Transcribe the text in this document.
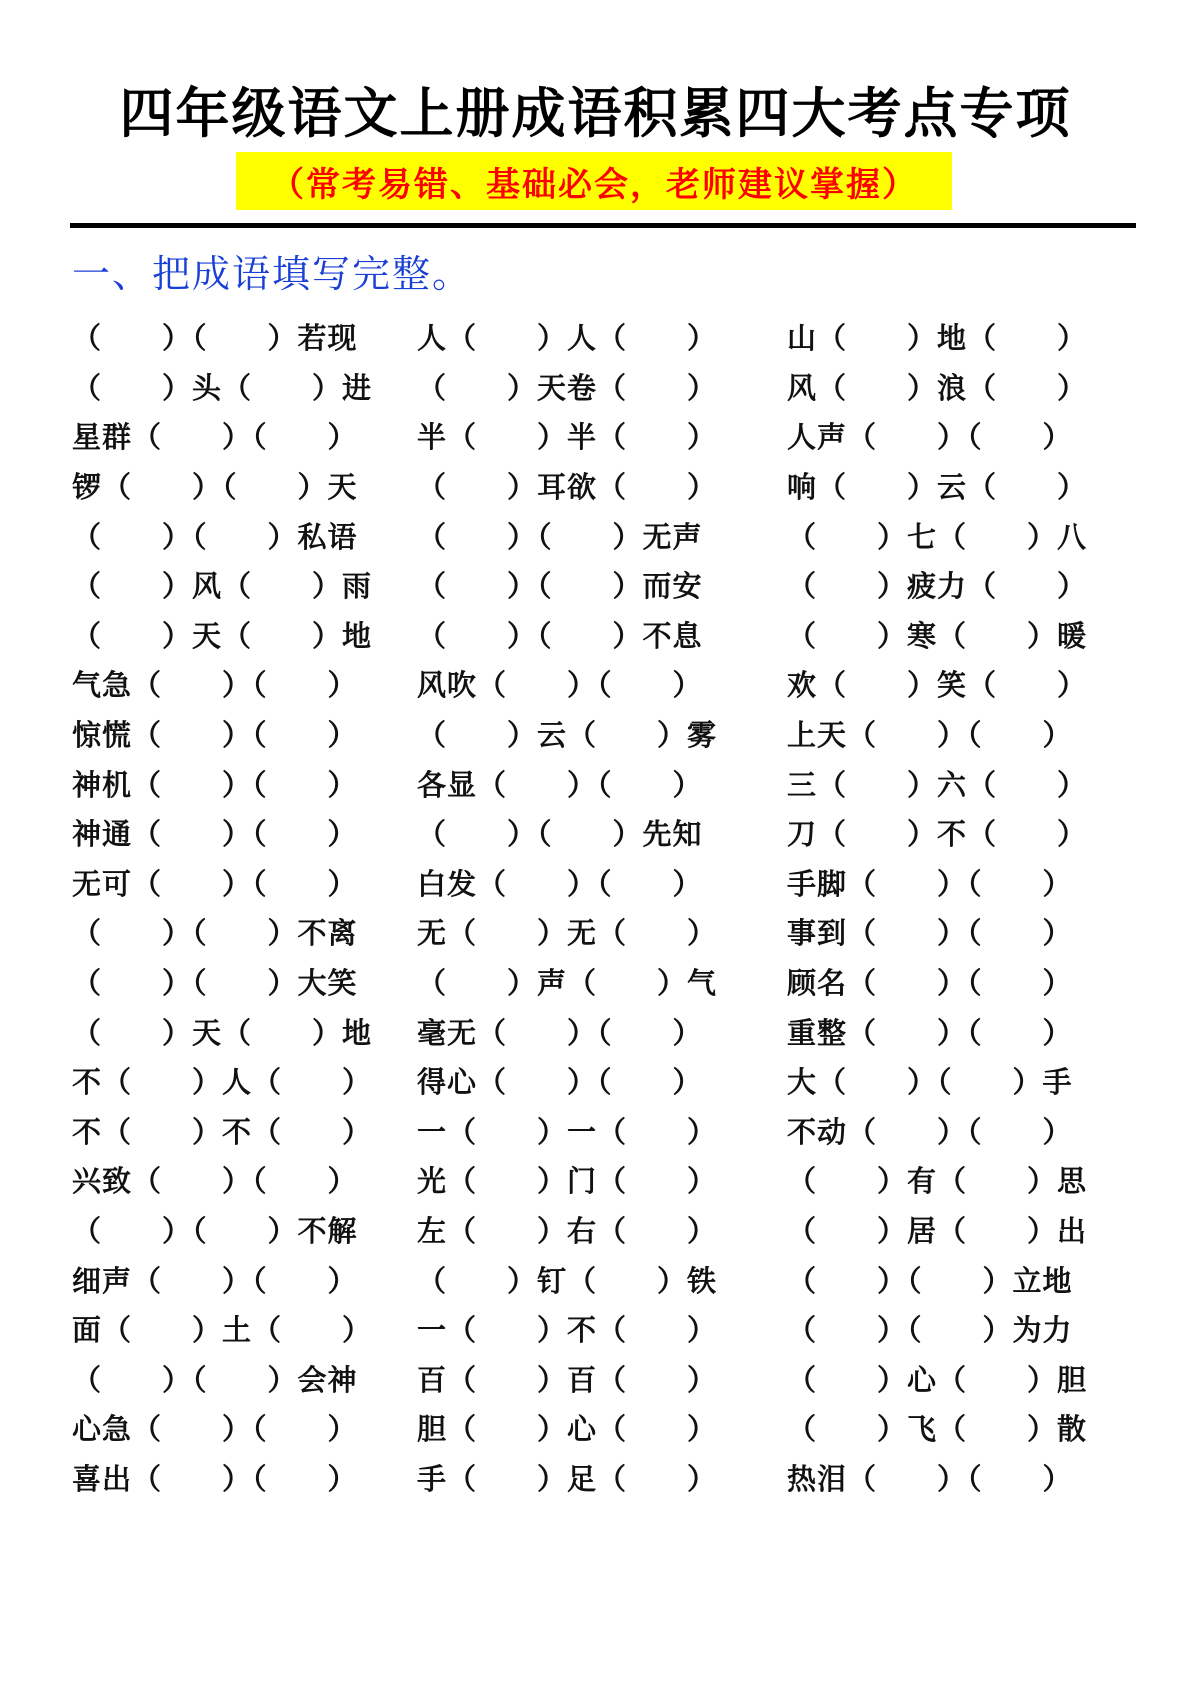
四年级语文上册成语积累四大考点专项
（常考易错、基础必会，老师建议掌握）
一、把成语填写完整。
（　　）（　　）若现	人（　　）人（　　）	山（　　）地（　　）
（　　）头（　　）进	（　　）天卷（　　）	风（　　）浪（　　）
星群（　　）（　　）	半（　　）半（　　）	人声（　　）（　　）
锣（　　）（　　）天	（　　）耳欲（　　）	响（　　）云（　　）
（　　）（　　）私语	（　　）（　　）无声	（　　）七（　　）八
（　　）风（　　）雨	（　　）（　　）而安	（　　）疲力（　　）
（　　）天（　　）地	（　　）（　　）不息	（　　）寒（　　）暖
气急（　　）（　　）	风吹（　　）（　　）	欢（　　）笑（　　）
惊慌（　　）（　　）	（　　）云（　　）雾	上天（　　）（　　）
神机（　　）（　　）	各显（　　）（　　）	三（　　）六（　　）
神通（　　）（　　）	（　　）（　　）先知	刀（　　）不（　　）
无可（　　）（　　）	白发（　　）（　　）	手脚（　　）（　　）
（　　）（　　）不离	无（　　）无（　　）	事到（　　）（　　）
（　　）（　　）大笑	（　　）声（　　）气	顾名（　　）（　　）
（　　）天（　　）地	毫无（　　）（　　）	重整（　　）（　　）
不（　　）人（　　）	得心（　　）（　　）	大（　　）（　　）手
不（　　）不（　　）	一（　　）一（　　）	不动（　　）（　　）
兴致（　　）（　　）	光（　　）门（　　）	（　　）有（　　）思
（　　）（　　）不解	左（　　）右（　　）	（　　）居（　　）出
细声（　　）（　　）	（　　）钉（　　）铁	（　　）（　　）立地
面（　　）土（　　）	一（　　）不（　　）	（　　）（　　）为力
（　　）（　　）会神	百（　　）百（　　）	（　　）心（　　）胆
心急（　　）（　　）	胆（　　）心（　　）	（　　）飞（　　）散
喜出（　　）（　　）	手（　　）足（　　）	热泪（　　）（　　）
